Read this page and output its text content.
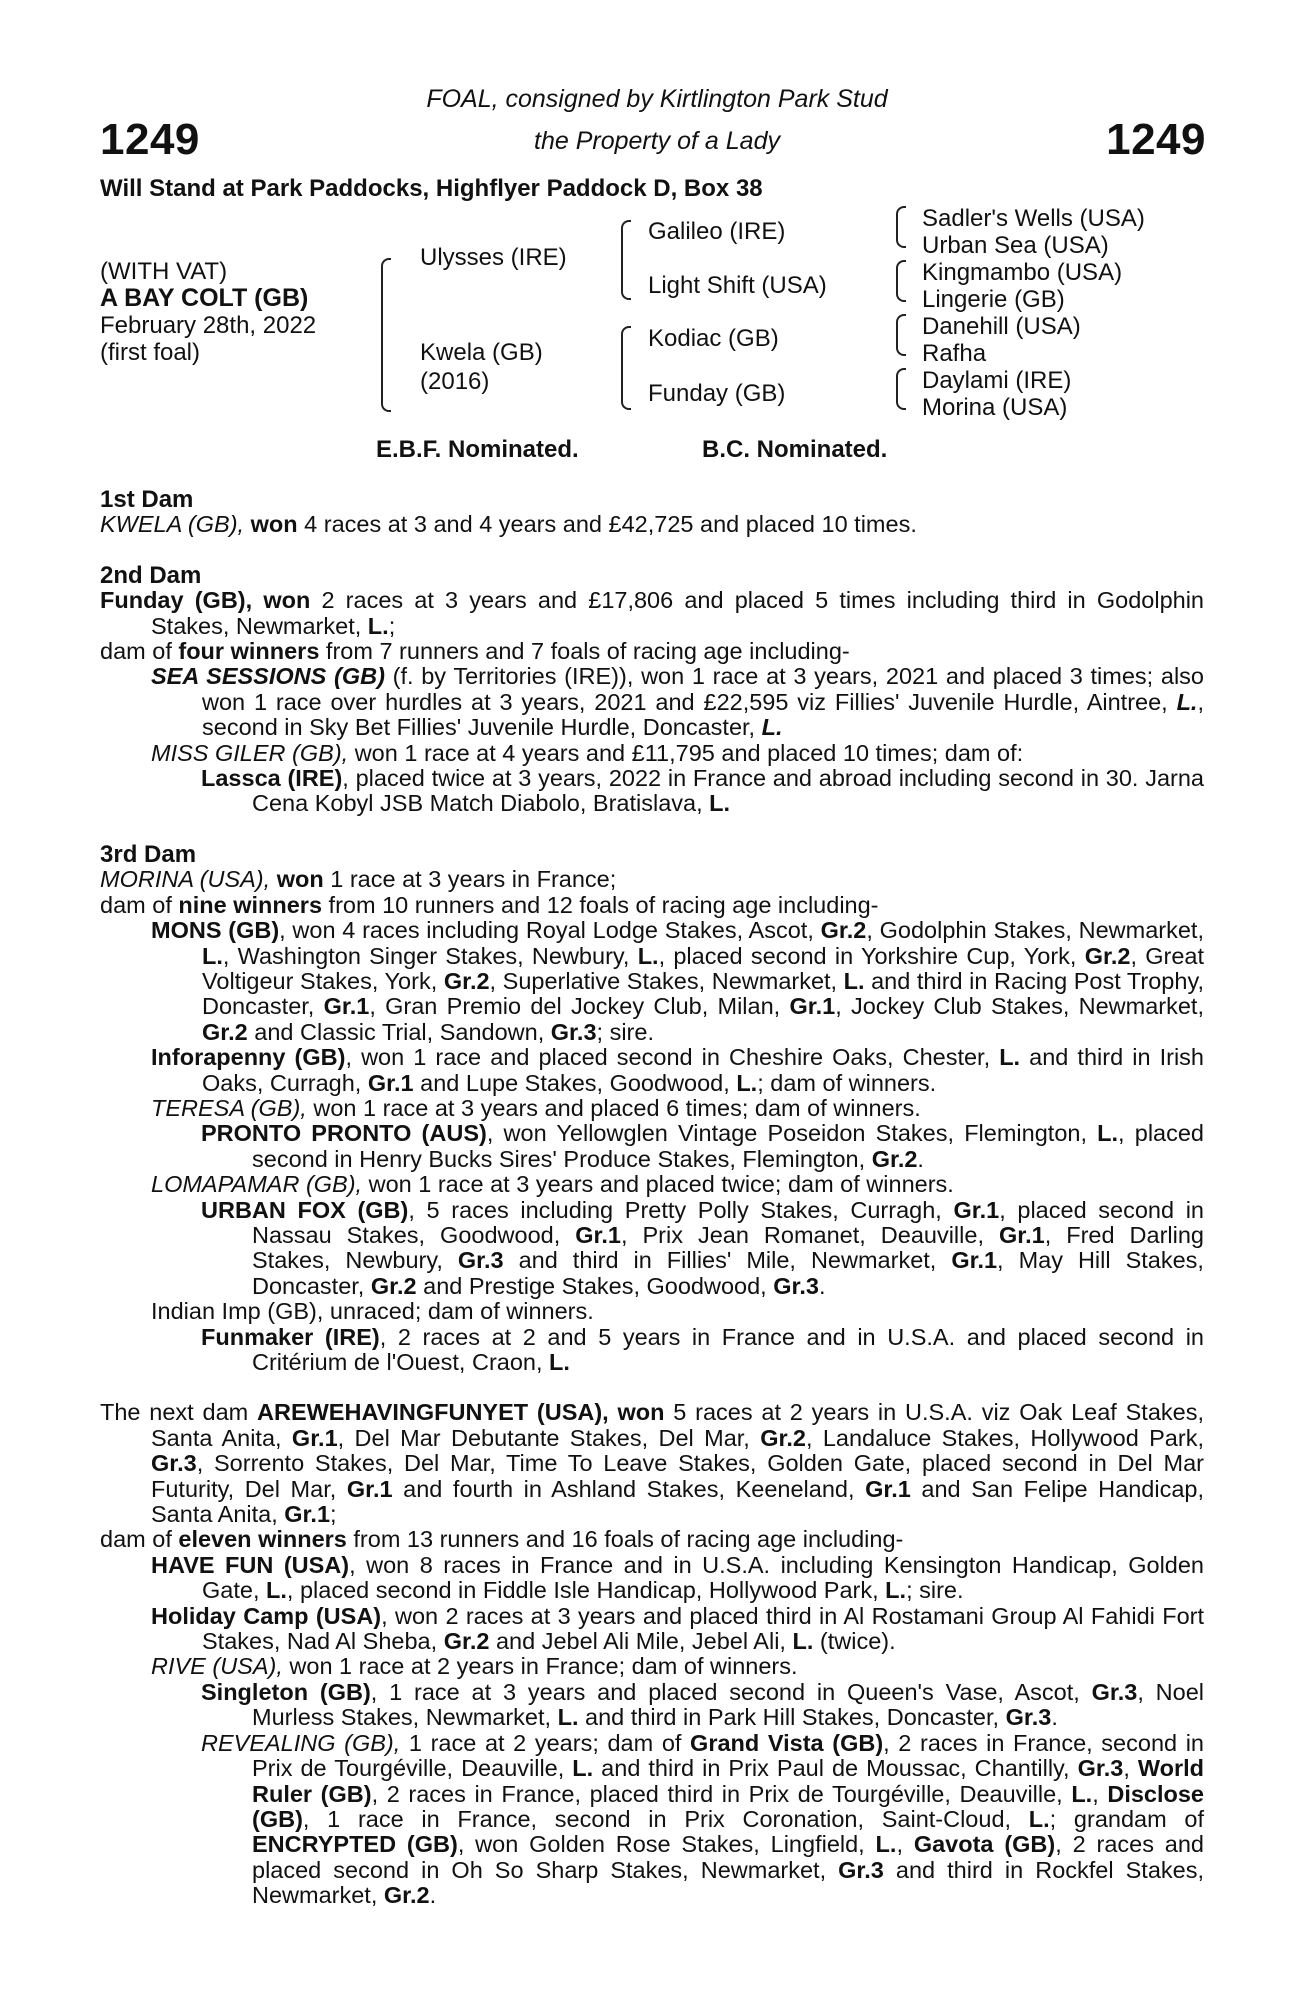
1249	1249
FOAL, consigned by Kirtlington Park Stud
the Property of a Lady
Will Stand at Park Paddocks, Highflyer Paddock D, Box 38
(WITH VAT)
A BAY COLT (GB)
February 28th, 2022
(first foal)
Ulysses (IRE)
Kwela (GB)
(2016)
Galileo (IRE)
Light Shift (USA)
Kodiac (GB)
Funday (GB)
Sadler's Wells (USA)
Urban Sea (USA)
Kingmambo (USA)
Lingerie (GB)
Danehill (USA)
Rafha
Daylami (IRE)
Morina (USA)
E.B.F. Nominated.	B.C. Nominated.

1st Dam

KWELA (GB), won 4 races at 3 and 4 years and £42,725 and placed 10 times.

2nd Dam

Funday (GB), won 2 races at 3 years and £17,806 and placed 5 times including third in Godolphin Stakes, Newmarket, L.;

dam of four winners from 7 runners and 7 foals of racing age including-

SEA SESSIONS (GB) (f. by Territories (IRE)), won 1 race at 3 years, 2021 and placed 3 times; also won 1 race over hurdles at 3 years, 2021 and £22,595 viz Fillies' Juvenile Hurdle, Aintree, L., second in Sky Bet Fillies' Juvenile Hurdle, Doncaster, L.

MISS GILER (GB), won 1 race at 4 years and £11,795 and placed 10 times; dam of:

Lassca (IRE), placed twice at 3 years, 2022 in France and abroad including second in 30. Jarna Cena Kobyl JSB Match Diabolo, Bratislava, L.

3rd Dam

MORINA (USA), won 1 race at 3 years in France;

dam of nine winners from 10 runners and 12 foals of racing age including-

MONS (GB), won 4 races including Royal Lodge Stakes, Ascot, Gr.2, Godolphin Stakes, Newmarket, L., Washington Singer Stakes, Newbury, L., placed second in Yorkshire Cup, York, Gr.2, Great Voltigeur Stakes, York, Gr.2, Superlative Stakes, Newmarket, L. and third in Racing Post Trophy, Doncaster, Gr.1, Gran Premio del Jockey Club, Milan, Gr.1, Jockey Club Stakes, Newmarket, Gr.2 and Classic Trial, Sandown, Gr.3; sire.

Inforapenny (GB), won 1 race and placed second in Cheshire Oaks, Chester, L. and third in Irish Oaks, Curragh, Gr.1 and Lupe Stakes, Goodwood, L.; dam of winners.

TERESA (GB), won 1 race at 3 years and placed 6 times; dam of winners.

PRONTO PRONTO (AUS), won Yellowglen Vintage Poseidon Stakes, Flemington, L., placed second in Henry Bucks Sires' Produce Stakes, Flemington, Gr.2.

LOMAPAMAR (GB), won 1 race at 3 years and placed twice; dam of winners.

URBAN FOX (GB), 5 races including Pretty Polly Stakes, Curragh, Gr.1, placed second in Nassau Stakes, Goodwood, Gr.1, Prix Jean Romanet, Deauville, Gr.1, Fred Darling Stakes, Newbury, Gr.3 and third in Fillies' Mile, Newmarket, Gr.1, May Hill Stakes, Doncaster, Gr.2 and Prestige Stakes, Goodwood, Gr.3.

Indian Imp (GB), unraced; dam of winners.

Funmaker (IRE), 2 races at 2 and 5 years in France and in U.S.A. and placed second in Critérium de l'Ouest, Craon, L.

The next dam AREWEHAVINGFUNYET (USA), won 5 races at 2 years in U.S.A. viz Oak Leaf Stakes, Santa Anita, Gr.1, Del Mar Debutante Stakes, Del Mar, Gr.2, Landaluce Stakes, Hollywood Park, Gr.3, Sorrento Stakes, Del Mar, Time To Leave Stakes, Golden Gate, placed second in Del Mar Futurity, Del Mar, Gr.1 and fourth in Ashland Stakes, Keeneland, Gr.1 and San Felipe Handicap, Santa Anita, Gr.1;

dam of eleven winners from 13 runners and 16 foals of racing age including-

HAVE FUN (USA), won 8 races in France and in U.S.A. including Kensington Handicap, Golden Gate, L., placed second in Fiddle Isle Handicap, Hollywood Park, L.; sire.

Holiday Camp (USA), won 2 races at 3 years and placed third in Al Rostamani Group Al Fahidi Fort Stakes, Nad Al Sheba, Gr.2 and Jebel Ali Mile, Jebel Ali, L. (twice).

RIVE (USA), won 1 race at 2 years in France; dam of winners.

Singleton (GB), 1 race at 3 years and placed second in Queen's Vase, Ascot, Gr.3, Noel Murless Stakes, Newmarket, L. and third in Park Hill Stakes, Doncaster, Gr.3.

REVEALING (GB), 1 race at 2 years; dam of Grand Vista (GB), 2 races in France, second in Prix de Tourgéville, Deauville, L. and third in Prix Paul de Moussac, Chantilly, Gr.3, World Ruler (GB), 2 races in France, placed third in Prix de Tourgéville, Deauville, L., Disclose (GB), 1 race in France, second in Prix Coronation, Saint-Cloud, L.; grandam of ENCRYPTED (GB), won Golden Rose Stakes, Lingfield, L., Gavota (GB), 2 races and placed second in Oh So Sharp Stakes, Newmarket, Gr.3 and third in Rockfel Stakes, Newmarket, Gr.2.
